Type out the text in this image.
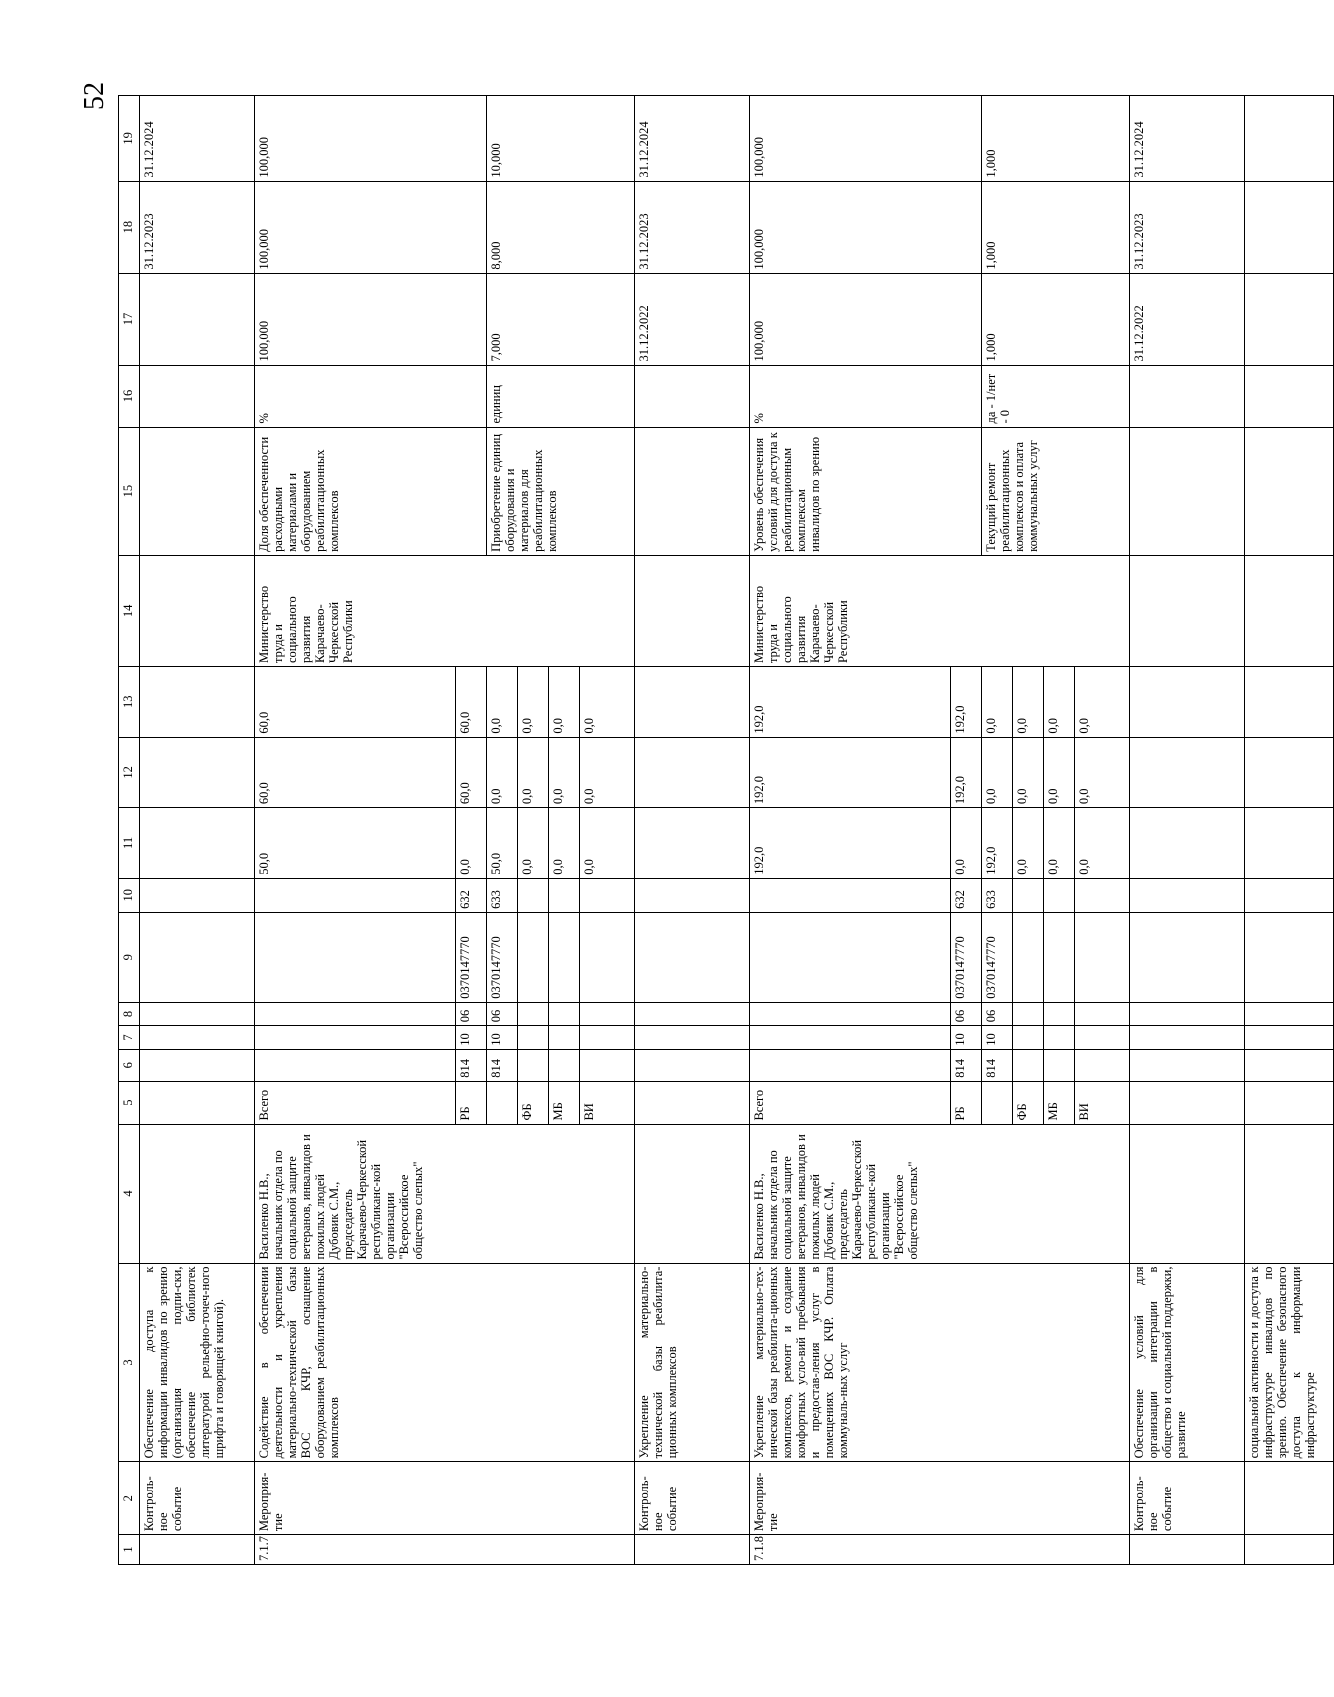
52
1	2	3	4	5	6	7	8	9	10	11	12	13	14	15	16	17	18	19
	Контроль-ное событие	Обеспечение доступа к информации инвалидов по зрению (организация подпи-ски, обеспечение библиотек литературой рельефно-точеч-ного шрифта и говорящей книгой).															31.12.2023	31.12.2024
7.1.7	Мероприя-тие	Содействие в обеспечении деятельности и укрепления материально-технической базы ВОС КЧР, оснащение оборудованием реабилитационных комплексов	Василенко Н.В., начальник отдела по социальной защите ветеранов, инвалидов и пожилых людей Дубовик С.М., председатель Карачаево-Черкесской республиканс-кой организации "Всероссийское общество слепых"	Всего						50,0	60,0	60,0	Министерство труда и социального развития Карачаево-Черкесской Республики	Доля обеспеченности расходными материалами и оборудованием реабилитационных комплексов	%	100,000	100,000	100,000
				РБ	814	10	06	0370147770	632	0,0	60,0	60,0						
					814	10	06	0370147770	633	50,0	0,0	0,0		Приобретение единиц оборудования и материалов для реабилитационных комплексов	единиц	7,000	8,000	10,000
				ФБ						0,0	0,0	0,0						
				МБ						0,0	0,0	0,0						
				ВИ						0,0	0,0	0,0						
	Контроль-ное событие	Укрепление материально-технической базы реабилита-ционных комплексов														31.12.2022	31.12.2023	31.12.2024
7.1.8	Мероприя-тие	Укрепление материально-тех-нической базы реабилита-ционных комплексов, ремонт и создание комфортных усло-вий пребывания и предостав-ления услуг в помещениях ВОС КЧР. Оплата коммуналь-ных услуг	Василенко Н.В., начальник отдела по социальной защите ветеранов, инвалидов и пожилых людей Дубовик С.М., председатель Карачаево-Черкесской республиканс-кой организации "Всероссийское общество слепых"	Всего						192,0	192,0	192,0	Министерство труда и социального развития Карачаево-Черкесской Республики	Уровень обеспечения условий для доступа к реабилитационным комплексам инвалидов по зрению	%	100,000	100,000	100,000
				РБ	814	10	06	0370147770	632	0,0	192,0	192,0						
					814	10	06	0370147770	633	192,0	0,0	0,0		Текущий ремонт реабилитационных комплексов и оплата коммунальных услуг	да - 1/нет - 0	1,000	1,000	1,000
				ФБ						0,0	0,0	0,0						
				МБ						0,0	0,0	0,0						
				ВИ						0,0	0,0	0,0						
	Контроль-ное событие	Обеспечение условий для организации интеграции в общество и социальной поддержки, развитие														31.12.2022	31.12.2023	31.12.2024
		социальной активности и доступа к инфраструктуре инвалидов по зрению. Обеспечение безопасного доступа к информации инфраструктуре																
